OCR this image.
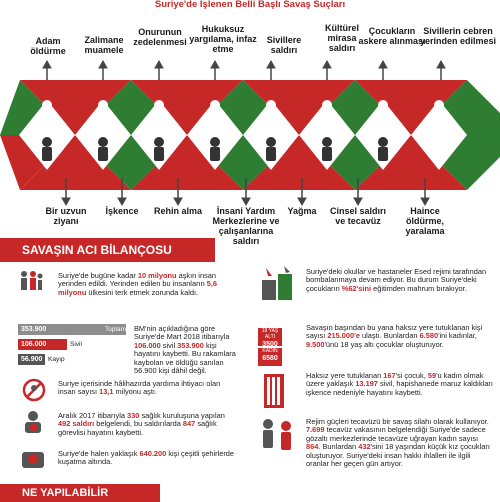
Suriye'de İşlenen Belli Başlı Savaş Suçları
Adam öldürme
Zalimane muamele
Onurunun zedelenmesi
Hukuksuz yargılama, infaz etme
Sivillere saldırı
Kültürel mirasa saldırı
Çocukların askere alınması
Sivillerin cebren yerinden edilmesi
Bir uzvun ziyanı
İşkence	Rehin alma	İnsani Yardım Merkezlerine ve çalışanlarına saldırı
Yağma	Cinsel saldırı ve tecavüz
Haince öldürme, yaralama
SAVAŞIN ACI BİLANÇOSU
Suriye'de bugüne kadar 10 milyonu aşkın insan yerinden edildi. Yerinden edilen bu insanların 5,6 milyonu ülkesini terk etmek zorunda kaldı.
353.900	Toplam
106.000	Sivil
56.900 Kayıp
BM'nin açıkladığına göre Suriye'de Mart 2018 itibarıyla 106.000 sivil 353.900 kişi hayatını kaybetti. Bu rakamlara kaybolan ve öldüğü sanılan 56.900 kişi dâhil değil.
Suriye içerisinde hâlihazırda yardıma ihtiyacı olan insan sayısı 13,1 milyonu aştı.
Aralık 2017 itibarıyla 330 sağlık kuruluşuna yapılan 492 saldırı belgelendi, bu saldırılarda 847 sağlık görevlisi hayatını kaybetti.
Suriye'de halen yaklaşık 640.200 kişi çeşitli şehirlerde kuşatma altında.
Suriye'deki okullar ve hastaneler Esed rejimi tarafından bombalanmaya devam ediyor. Bu durum Suriye'deki çocukların %62'sini eğitimden mahrum bırakıyor.
18 YAŞ ALTI
3500
KADIN
6580
Savaşın başından bu yana haksız yere tutuklanan kişi sayısı 215.000'e ulaştı. Bunlardan 6.580'ini kadınlar, 9.500'ünü 18 yaş altı çocuklar oluşturuyor.
Haksız yere tutuklanan 167'si çocuk, 59'u kadın olmak üzere yaklaşık 13.197 sivil, hapishanede maruz kaldıkları işkence nedeniyle hayatını kaybetti.
Rejim güçleri tecavüzü bir savaş silahı olarak kullanıyor. 7.699 tecavüz vakasının belgelendiği Suriye'de sadece gözaltı merkezlerinde tecavüze uğrayan kadın sayısı 864. Bunlardan 432'sini 18 yaşından küçük kız çocukları oluşturuyor. Suriye'deki insan hakkı ihlalleri ile ilgili oranlar her geçen gün artıyor.
NE YAPILABİLİR
